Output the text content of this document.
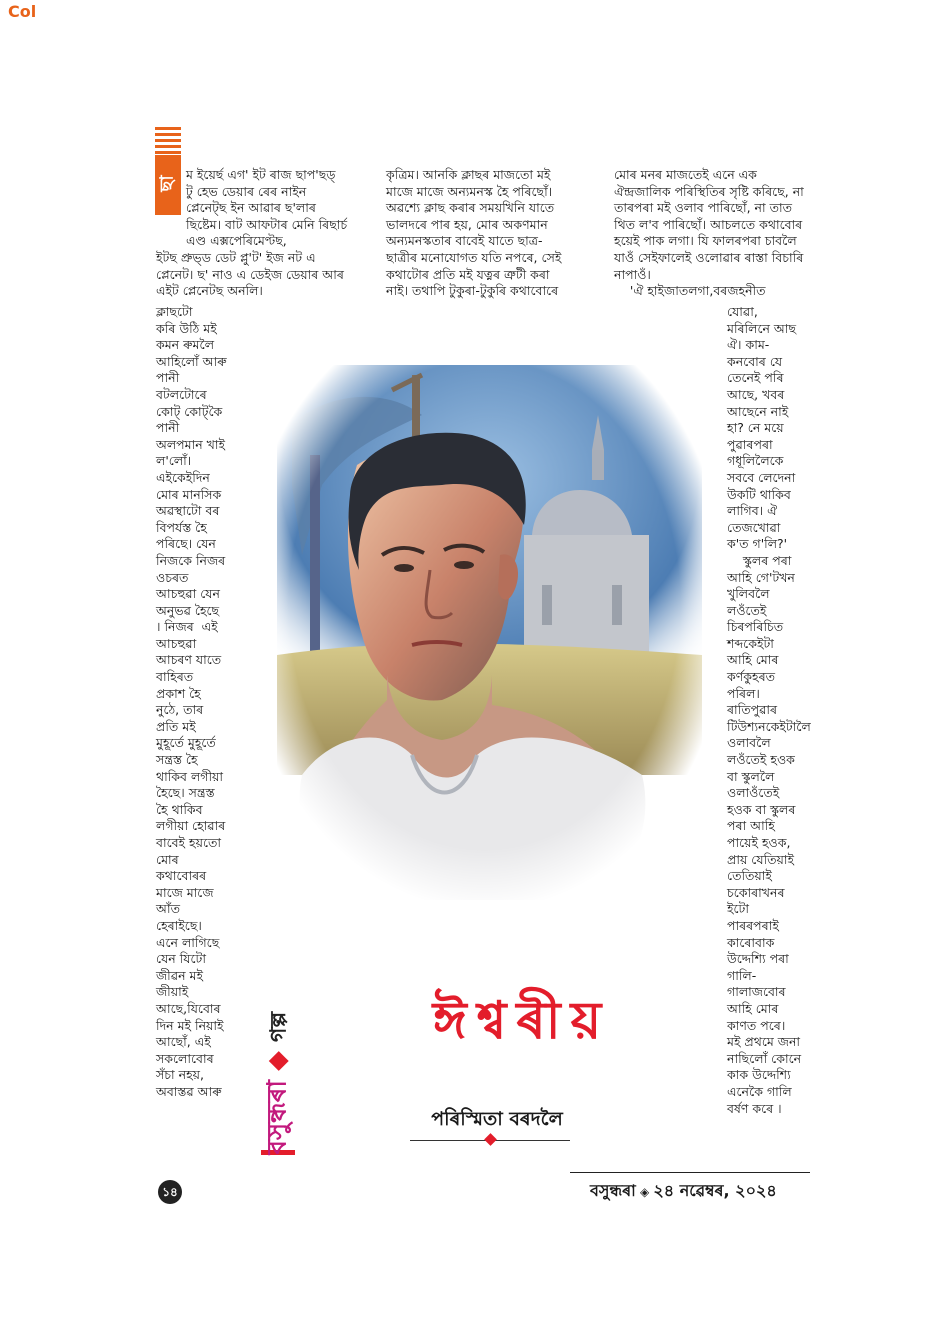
Col
ছা
ম ইয়ের্ছ এগ' ইট ৰাজ ছাপ'ছড্
টু হেভ ডেয়াৰ ৰেৰ নাইন
প্লেনেট্ছ ইন আৱাৰ ছ'লাৰ
ছিষ্টেম। বাট আফটাৰ মেনি ৰিছাৰ্চ
এণ্ড এক্সপেৰিমেণ্টছ,
ইটছ প্ৰুভ্ড ডেট প্লু'ট' ইজ নট এ
প্লেনেট। ছ' নাও এ ডেইজ ডেয়াৰ আৰ
এইট প্লেনেটছ অনলি।
ক্লাছটো
কৰি উঠি মই
কমন ৰুমলৈ
আহিলোঁ আৰু
পানী
বটলটোৰে
কোট্‌ কোট্‌কৈ
পানী
অলপমান খাই
ল'লোঁ।
এইকেইদিন
মোৰ মানসিক
অৱস্থাটো বৰ
বিপৰ্যস্ত হৈ
পৰিছে। যেন
নিজকে নিজৰ
ওচৰত
আচহুৱা যেন
অনুভৱ হৈছে
। নিজৰ  এই
আচহুৱা
আচৰণ যাতে
বাহিৰত
প্ৰকাশ হৈ
নুঠে, তাৰ
প্ৰতি মই
মুহূৰ্তে মুহূৰ্তে
সন্ত্ৰস্ত হৈ
থাকিব লগীয়া
হৈছে। সন্ত্ৰস্ত
হৈ থাকিব
লগীয়া হোৱাৰ
বাবেই হয়তো
মোৰ
কথাবোৰৰ
মাজে মাজে
আঁত
হেৰাইছে।
এনে লাগিছে
যেন যিটো
জীৱন মই
জীয়াই
আছে,যিবোৰ
দিন মই নিয়াই
আছোঁ, এই
সকলোবোৰ
সঁচা নহয়,
অবাস্তৱ আৰু
কৃত্ৰিম। আনকি ক্লাছৰ মাজতো মই
মাজে মাজে অন্যমনস্ক হৈ পৰিছোঁ।
অৱশ্যে ক্লাছ কৰাৰ সময়খিনি যাতে
ভালদৰে পাৰ হয়, মোৰ অকণমান
অন্যমনস্কতাৰ বাবেই যাতে ছাত্ৰ-
ছাত্ৰীৰ মনোযোগত যতি নপৰে, সেই
কথাটোৰ প্ৰতি মই যত্নৰ ত্ৰুটী কৰা
নাই। তথাপি টুকুৰা-টুকুৰি কথাবোৰে
মোৰ মনৰ মাজতেই এনে এক
ঐন্দ্ৰজালিক পৰিস্থিতিৰ সৃষ্টি কৰিছে, না
তাৰপৰা মই ওলাব পাৰিছোঁ, না তাত
থিত ল'ব পাৰিছোঁ। আচলতে কথাবোৰ
হয়েই পাক লগা। যি ফালৰপৰা চাবলৈ
যাওঁ সেইফালেই ওলোৱাৰ ৰাস্তা বিচাৰি
নাপাওঁ।
'ঐ হাইজাতলগা,বৰজহনীত
যোৱা,
মৰিলিনে আছ
ঐ। কাম-
কনবোৰ যে
তেনেই পৰি
আছে, খবৰ
আছেনে নাই
হা? নে ময়ে
পুৱাৰপৰা
গধূলিলৈকে
সববে লেদেনা
উকটি থাকিব
লাগিব। ঐ
তেজখোৱা
ক'ত গ'লি?'
স্কুলৰ পৰা
আহি গে'টখন
খুলিবলৈ
লওঁতেই
চিৰপৰিচিত
শব্দকেইটা
আহি মোৰ
কৰ্ণকুহৰত
পৰিল।
ৰাতিপুৱাৰ
টিউশ্যনকেইটালৈ
ওলাবলৈ
লওঁতেই হওক
বা স্কুললৈ
ওলাওঁতেই
হওক বা স্কুলৰ
পৰা আহি
পায়েই হওক,
প্ৰায় যেতিয়াই
তেতিয়াই
চকোৰাখনৰ
ইটো
পাৰৰপৰাই
কাৰোবাক
উদ্দেশ্যি পৰা
গালি-
গালাজবোৰ
আহি মোৰ
কাণত পৰে।
মই প্ৰথমে জনা
নাছিলোঁ কোনে
কাক উদ্দেশ্যি
এনেকৈ গালি
বৰ্ষণ কৰে ।
বসুন্ধৰা ◆ গল্প	ঈশ্বৰীয়
পৰিস্মিতা বৰদলৈ
১৪	বসুন্ধৰা ◈ ২৪ নৱেম্বৰ, ২০২৪
